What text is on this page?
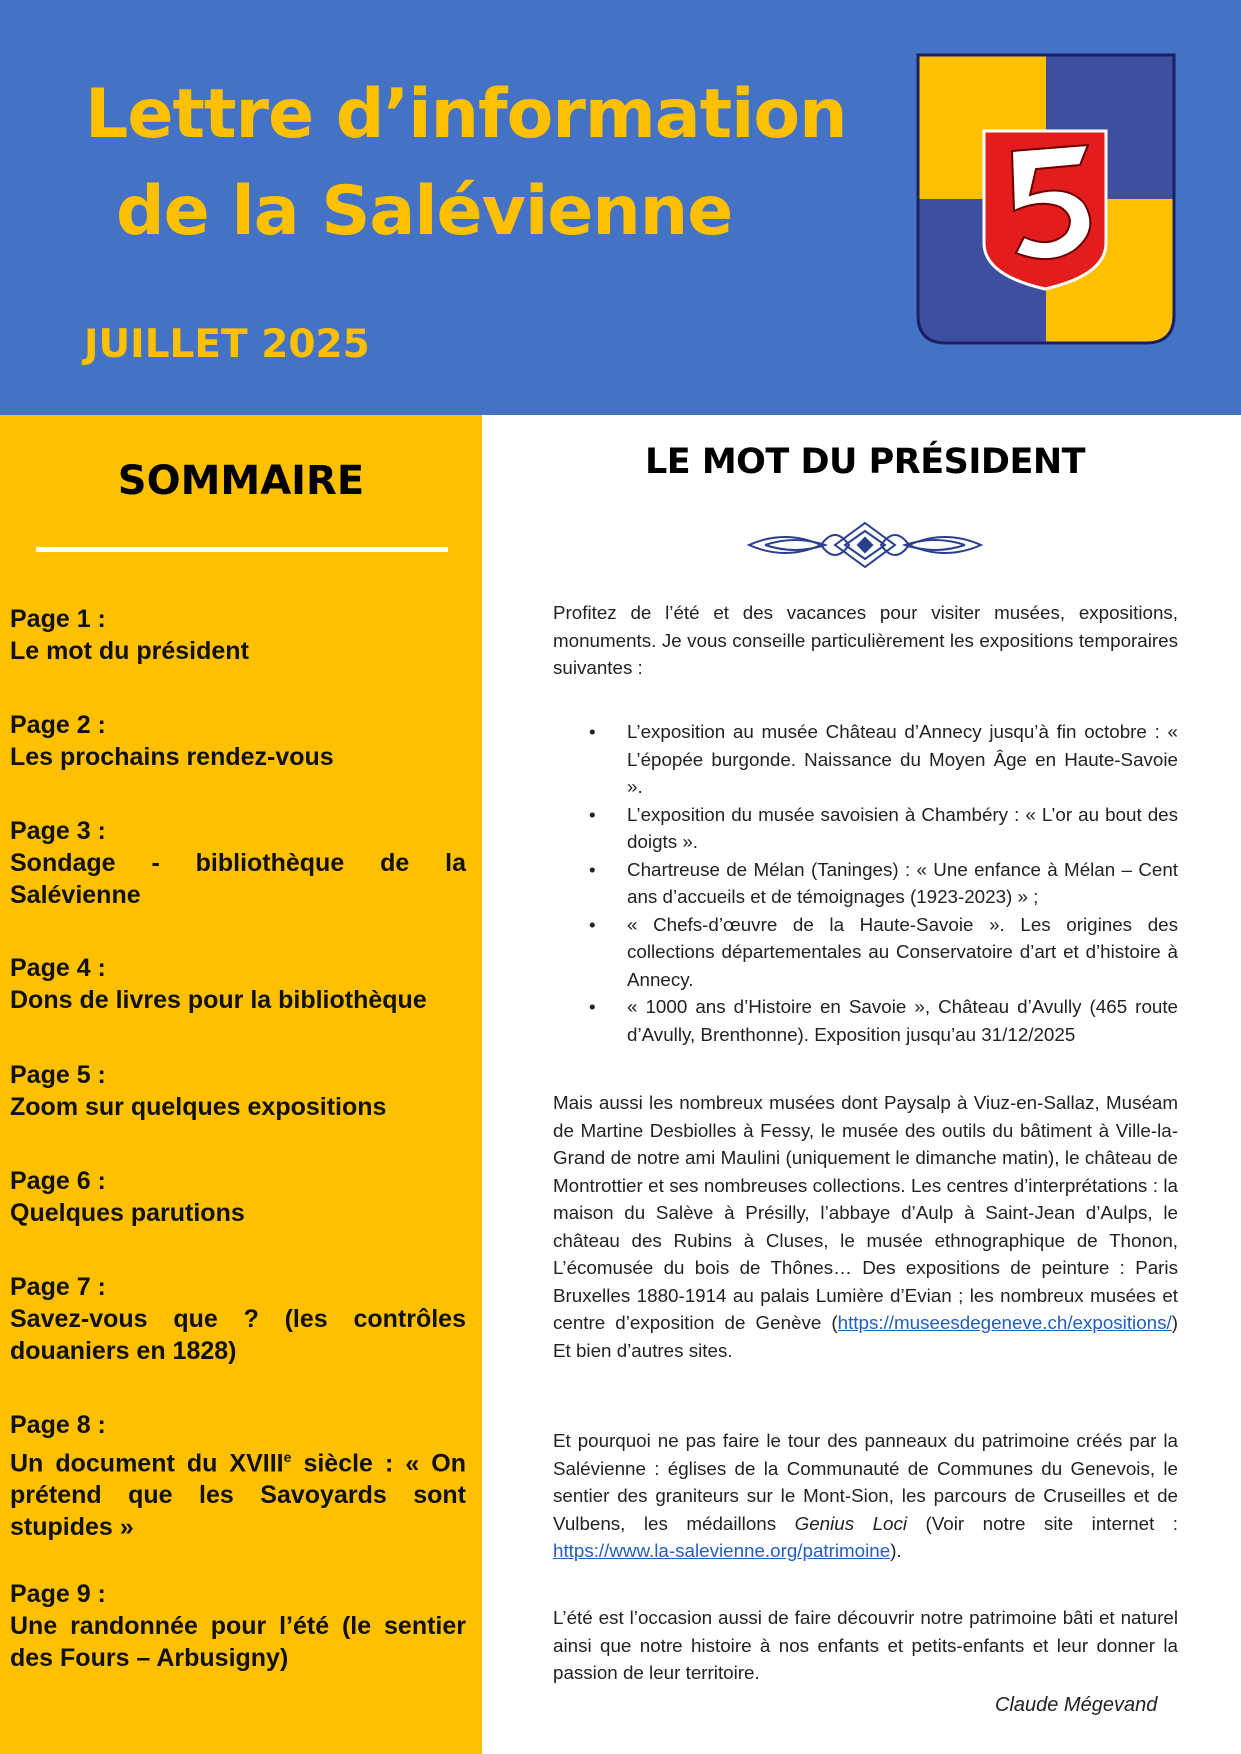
Lettre d’information
de la Salévienne
JUILLET 2025
SOMMAIRE
Page 1 :
Le mot du président
Page 2 :
Les prochains rendez-vous
Page 3 :
Sondage - bibliothèque de la Salévienne
Page 4 :
Dons de livres pour la bibliothèque
Page 5 :
Zoom sur quelques expositions
Page 6 :
Quelques parutions
Page 7 :
Savez-vous que ? (les contrôles douaniers en 1828)
Page 8 :
Un document du XVIIIe siècle : « On prétend que les Savoyards sont stupides »
Page 9 :
Une randonnée pour l’été (le sentier des Fours – Arbusigny)
LE MOT DU PRÉSIDENT

Profitez de l’été et des vacances pour visiter musées, expositions, monuments. Je vous conseille particulièrement les expositions temporaires suivantes :

• L’exposition au musée Château d’Annecy jusqu’à fin octobre : « L’épopée burgonde. Naissance du Moyen Âge en Haute-Savoie ».
• L’exposition du musée savoisien à Chambéry : « L’or au bout des doigts ».
• Chartreuse de Mélan (Taninges) : « Une enfance à Mélan – Cent ans d’accueils et de témoignages (1923-2023) » ;
• « Chefs-d’œuvre de la Haute-Savoie ». Les origines des collections départementales au Conservatoire d’art et d’histoire à Annecy.
• « 1000 ans d’Histoire en Savoie », Château d’Avully (465 route d’Avully, Brenthonne). Exposition jusqu’au 31/12/2025

Mais aussi les nombreux musées dont Paysalp à Viuz-en-Sallaz, Muséam de Martine Desbiolles à Fessy, le musée des outils du bâtiment à Ville-la-Grand de notre ami Maulini (uniquement le dimanche matin), le château de Montrottier et ses nombreuses collections. Les centres d’interprétations : la maison du Salève à Présilly, l’abbaye d’Aulp à Saint-Jean d’Aulps, le château des Rubins à Cluses, le musée ethnographique de Thonon, L’écomusée du bois de Thônes… Des expositions de peinture : Paris Bruxelles 1880-1914 au palais Lumière d’Evian ; les nombreux musées et centre d’exposition de Genève (https://museesdegeneve.ch/expositions/) Et bien d’autres sites.

Et pourquoi ne pas faire le tour des panneaux du patrimoine créés par la Salévienne : églises de la Communauté de Communes du Genevois, le sentier des graniteurs sur le Mont-Sion, les parcours de Cruseilles et de Vulbens, les médaillons Genius Loci (Voir notre site internet : https://www.la-salevienne.org/patrimoine).

L’été est l’occasion aussi de faire découvrir notre patrimoine bâti et naturel ainsi que notre histoire à nos enfants et petits-enfants et leur donner la passion de leur territoire.

Claude Mégevand
